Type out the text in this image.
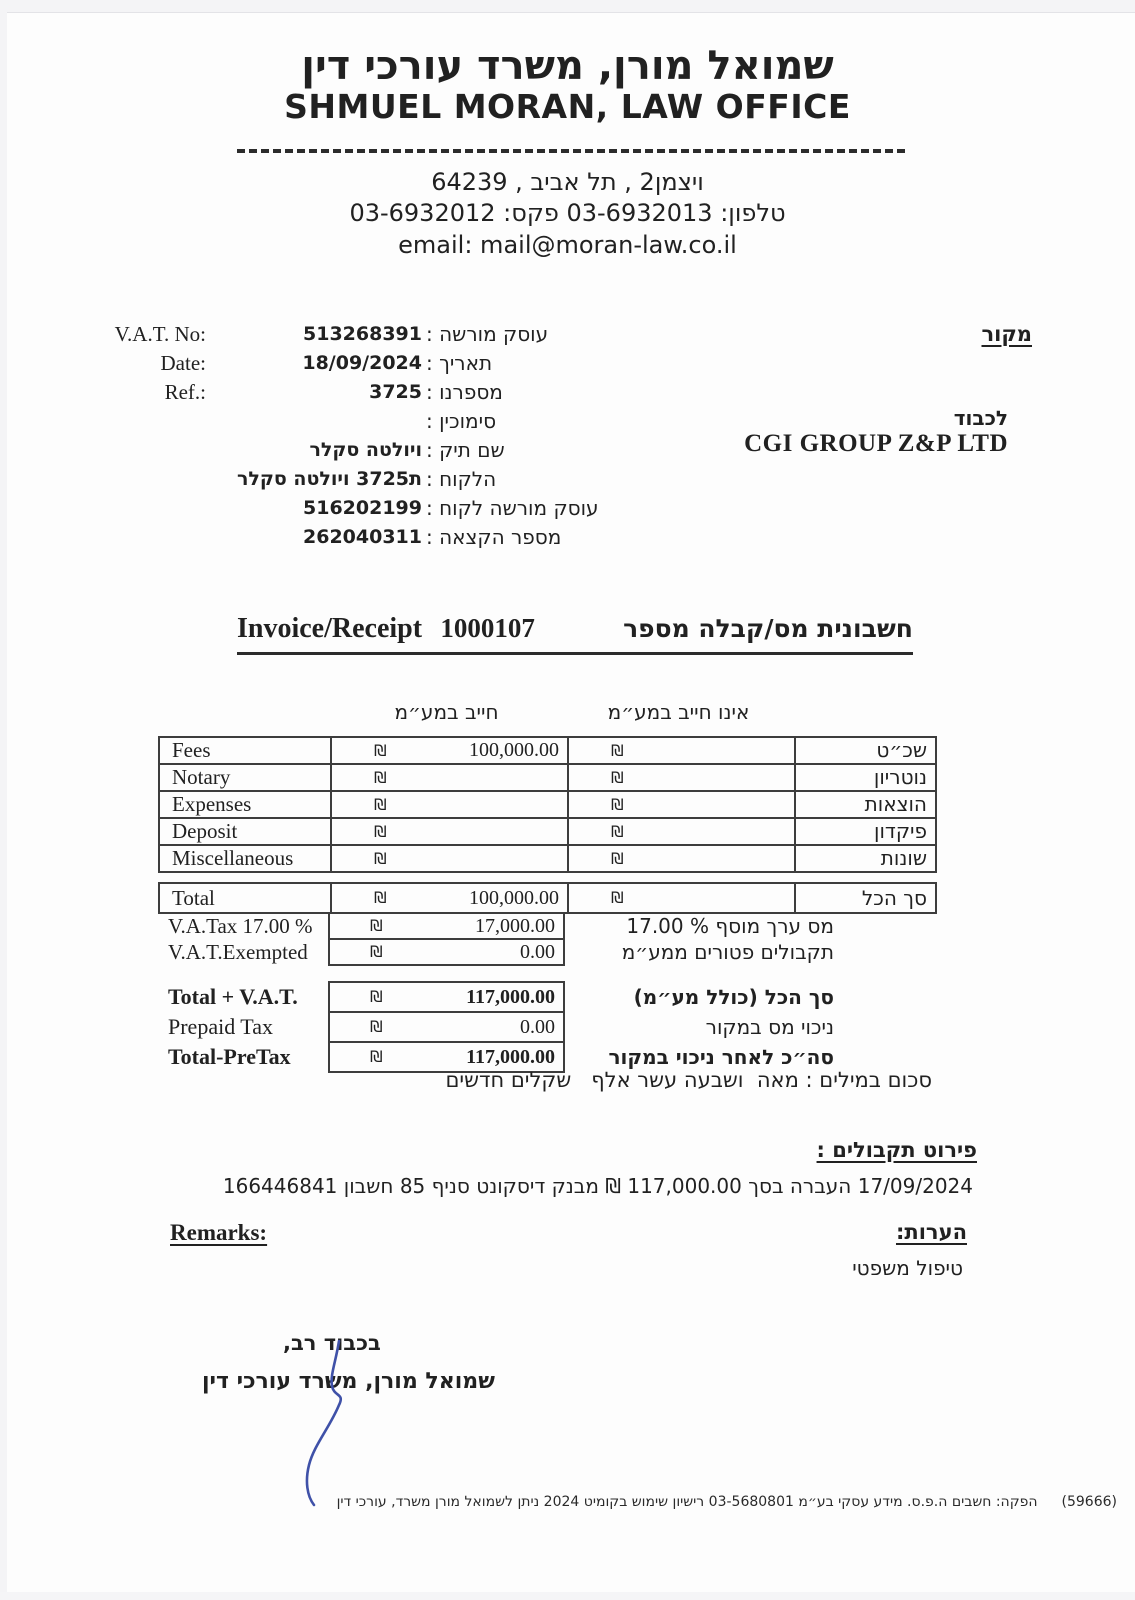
שמואל מורן, משרד עורכי דין
SHMUEL MORAN, LAW OFFICE
ויצמן2 , תל אביב , 64239
טלפון: 03-6932013 פקס: 03-6932012
email: mail@moran-law.co.il
מקור
לכבוד
CGI GROUP Z&P LTD
V.A.T. No:	513268391 עוסק מורשה :
Date:	18/09/2024 תאריך :
Ref.:	3725 מספרנו :
סימוכין :
ויולטה סקלר שם תיק :
ת3725 ויולטה סקלר הלקוח :
516202199 עוסק מורשה לקוח :
262040311 מספר הקצאה :
Invoice/Receipt 1000107	חשבונית מס/קבלה מספר
חייב במע״מ	אינו חייב במע״מ
Fees	₪	100,000.00	₪	שכ״ט
Notary	₪	₪	נוטריון
Expenses	₪	₪	הוצאות
Deposit	₪	₪	פיקדון
Miscellaneous	₪	₪	שונות
Total	₪	100,000.00	₪	סך הכל
V.A.Tax 17.00 %	₪	17,000.00	מס ערך מוסף % 17.00
V.A.T.Exempted	₪	0.00	תקבולים פטורים ממע״מ
Total + V.A.T.	₪	117,000.00	סך הכל (כולל מע״מ)
Prepaid Tax	₪	0.00	ניכוי מס במקור
Total-PreTax	₪	117,000.00	סה״כ לאחר ניכוי במקור
סכום במילים : מאה  ושבעה עשר אלף   שקלים חדשים
פירוט תקבולים :
17/09/2024 העברה בסך 117,000.00 ₪ מבנק דיסקונט סניף 85 חשבון 166446841
Remarks:	הערות:
טיפול משפטי
בכבוד רב,
שמואל מורן, משרד עורכי דין
(59666)
הפקה: חשבים ה.פ.ס. מידע עסקי בע״מ 03-5680801 רישיון שימוש בקומיט 2024 ניתן לשמואל מורן משרד, עורכי דין
